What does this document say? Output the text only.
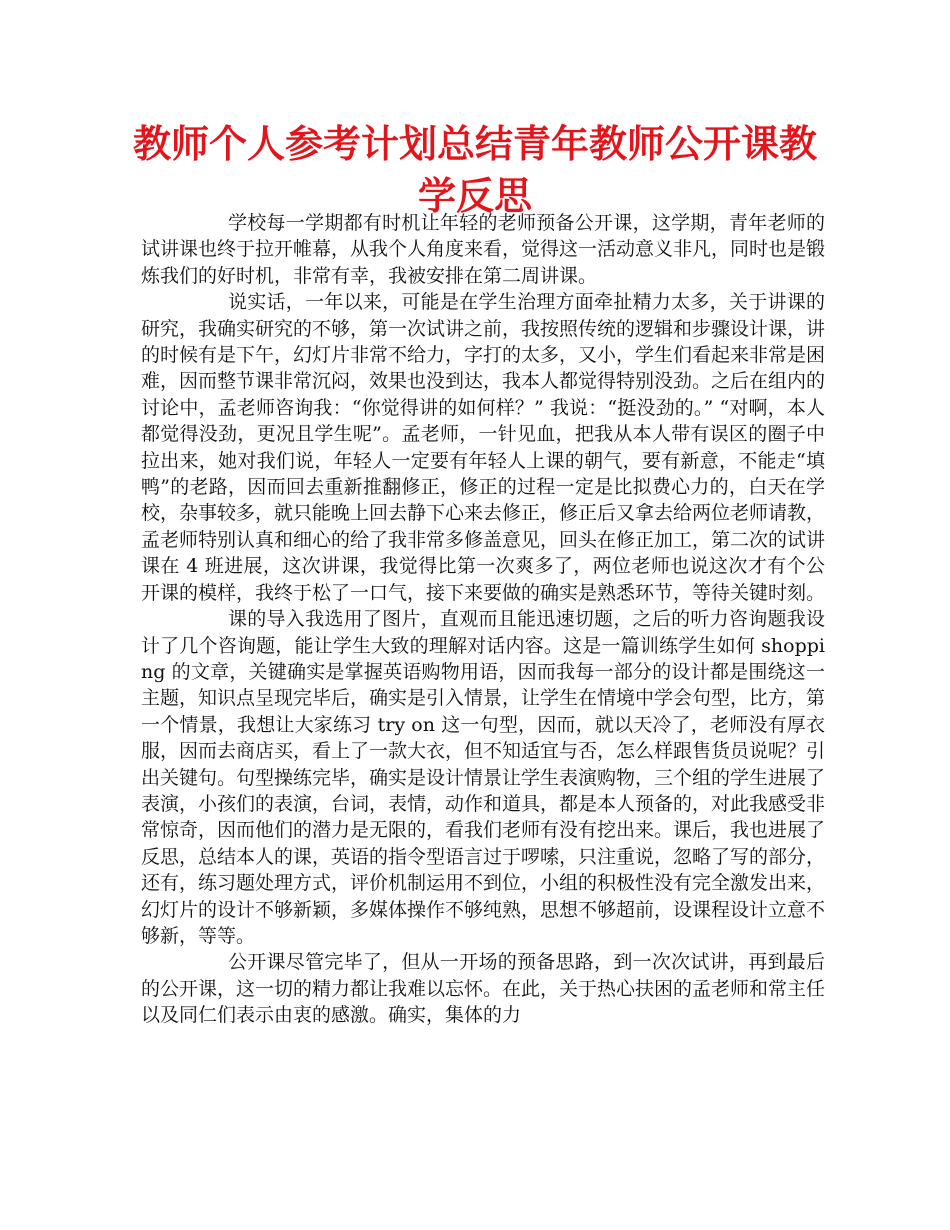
教师个人参考计划总结青年教师公开课教学反思

学校每一学期都有时机让年轻的老师预备公开课，这学期，青年老师的试讲课也终于拉开帷幕，从我个人角度来看，觉得这一活动意义非凡，同时也是锻炼我们的好时机，非常有幸，我被安排在第二周讲课。

说实话，一年以来，可能是在学生治理方面牵扯精力太多，关于讲课的研究，我确实研究的不够，第一次试讲之前，我按照传统的逻辑和步骤设计课，讲的时候有是下午，幻灯片非常不给力，字打的太多，又小，学生们看起来非常是困难，因而整节课非常沉闷，效果也没到达，我本人都觉得特别没劲。之后在组内的讨论中，孟老师咨询我：“你觉得讲的如何样？” 我说：“挺没劲的。” “对啊，本人都觉得没劲，更况且学生呢”。孟老师，一针见血，把我从本人带有误区的圈子中拉出来，她对我们说，年轻人一定要有年轻人上课的朝气，要有新意，不能走“填鸭”的老路，因而回去重新推翻修正，修正的过程一定是比拟费心力的，白天在学校，杂事较多，就只能晚上回去静下心来去修正，修正后又拿去给两位老师请教，孟老师特别认真和细心的给了我非常多修盖意见，回头在修正加工，第二次的试讲课在 4 班进展，这次讲课，我觉得比第一次爽多了，两位老师也说这次才有个公开课的模样，我终于松了一口气，接下来要做的确实是熟悉环节，等待关键时刻。

课的导入我选用了图片，直观而且能迅速切题，之后的听力咨询题我设计了几个咨询题，能让学生大致的理解对话内容。这是一篇训练学生如何 shopping 的文章，关键确实是掌握英语购物用语，因而我每一部分的设计都是围绕这一主题，知识点呈现完毕后，确实是引入情景，让学生在情境中学会句型，比方，第一个情景，我想让大家练习 try on 这一句型，因而，就以天冷了，老师没有厚衣服，因而去商店买，看上了一款大衣，但不知适宜与否，怎么样跟售货员说呢？引出关键句。句型操练完毕，确实是设计情景让学生表演购物，三个组的学生进展了表演，小孩们的表演，台词，表情，动作和道具，都是本人预备的，对此我感受非常惊奇，因而他们的潜力是无限的，看我们老师有没有挖出来。课后，我也进展了反思，总结本人的课，英语的指令型语言过于啰嗦，只注重说，忽略了写的部分，还有，练习题处理方式，评价机制运用不到位，小组的积极性没有完全激发出来，幻灯片的设计不够新颖，多媒体操作不够纯熟，思想不够超前，设课程设计立意不够新，等等。

公开课尽管完毕了，但从一开场的预备思路，到一次次试讲，再到最后的公开课，这一切的精力都让我难以忘怀。在此，关于热心扶困的孟老师和常主任以及同仁们表示由衷的感激。确实，集体的力
